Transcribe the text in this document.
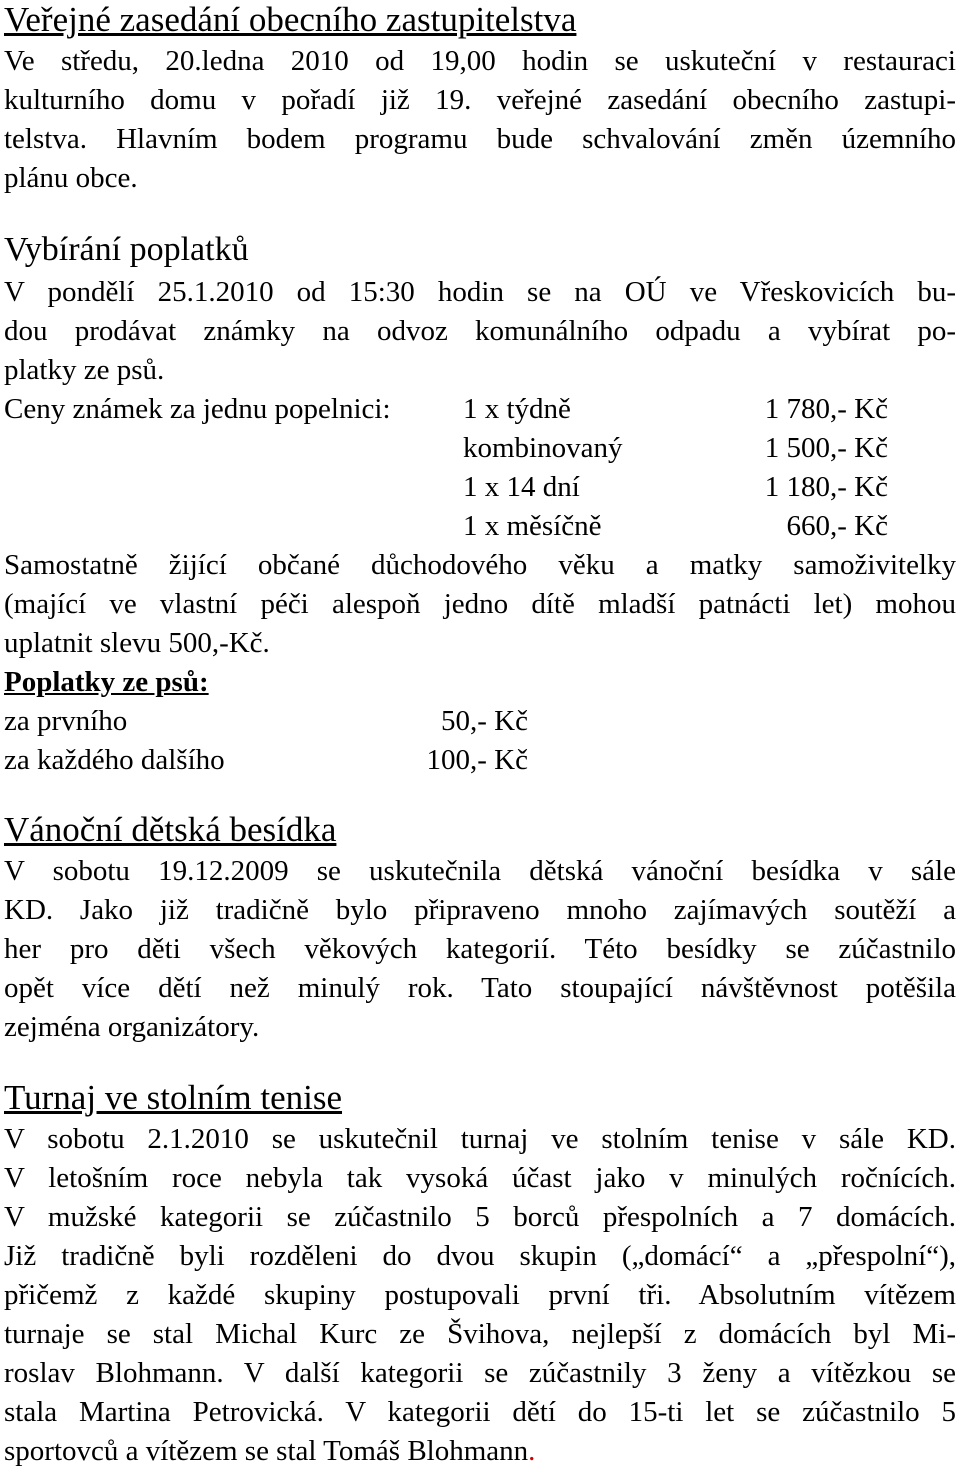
Veřejné zasedání obecního zastupitelstva
Ve středu, 20.ledna 2010 od 19,00 hodin se uskuteční v restauraci
kulturního domu v pořadí již 19. veřejné zasedání obecního zastupi-
telstva. Hlavním bodem programu bude schvalování změn územního
plánu obce.
Vybírání poplatků
V pondělí 25.1.2010 od 15:30 hodin se na OÚ ve Vřeskovicích bu-
dou prodávat známky na odvoz komunálního odpadu a vybírat po-
platky ze psů.
Ceny známek za jednu popelnici: 1 x týdně	1 780,- Kč
kombinovaný	1 500,- Kč
1 x 14 dní	1 180,- Kč
1 x měsíčně	660,- Kč
Samostatně žijící občané důchodového věku a matky samoživitelky
(mající ve vlastní péči alespoň jedno dítě mladší patnácti let) mohou
uplatnit slevu 500,-Kč.
Poplatky ze psů:
za prvního	50,- Kč
za každého dalšího	100,- Kč
Vánoční dětská besídka
V sobotu 19.12.2009 se uskutečnila dětská vánoční besídka v sále
KD. Jako již tradičně bylo připraveno mnoho zajímavých soutěží a
her pro děti všech věkových kategorií. Této besídky se zúčastnilo
opět více dětí než minulý rok. Tato stoupající návštěvnost potěšila
zejména organizátory.
Turnaj ve stolním tenise
V sobotu 2.1.2010 se uskutečnil turnaj ve stolním tenise v sále KD.
V letošním roce nebyla tak vysoká účast jako v minulých ročnících.
V mužské kategorii se zúčastnilo 5 borců přespolních a 7 domácích.
Již tradičně byli rozděleni do dvou skupin („domácí“ a „přespolní“),
přičemž z každé skupiny postupovali první tři. Absolutním vítězem
turnaje se stal Michal Kurc ze Švihova, nejlepší z domácích byl Mi-
roslav Blohmann. V další kategorii se zúčastnily 3 ženy a vítězkou se
stala Martina Petrovická. V kategorii dětí do 15-ti let se zúčastnilo 5
sportovců a vítězem se stal Tomáš Blohmann.
